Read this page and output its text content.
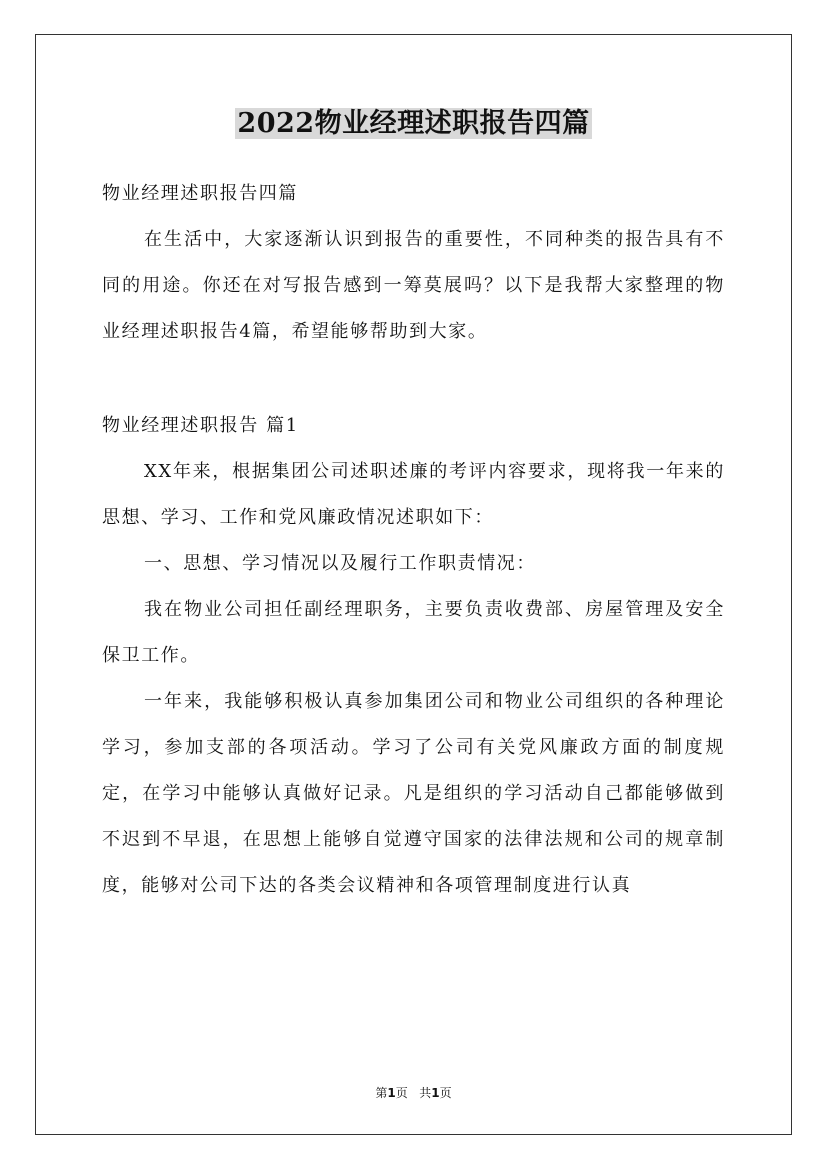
2022物业经理述职报告四篇

物业经理述职报告四篇

在生活中，大家逐渐认识到报告的重要性，不同种类的报告具有不同的用途。你还在对写报告感到一筹莫展吗？以下是我帮大家整理的物业经理述职报告4篇，希望能够帮助到大家。

物业经理述职报告 篇1

XX年来，根据集团公司述职述廉的考评内容要求，现将我一年来的思想、学习、工作和党风廉政情况述职如下：

一、思想、学习情况以及履行工作职责情况：

我在物业公司担任副经理职务，主要负责收费部、房屋管理及安全保卫工作。

一年来，我能够积极认真参加集团公司和物业公司组织的各种理论学习，参加支部的各项活动。学习了公司有关党风廉政方面的制度规定，在学习中能够认真做好记录。凡是组织的学习活动自己都能够做到不迟到不早退，在思想上能够自觉遵守国家的法律法规和公司的规章制度，能够对公司下达的各类会议精神和各项管理制度进行认真

第1页 共1页
